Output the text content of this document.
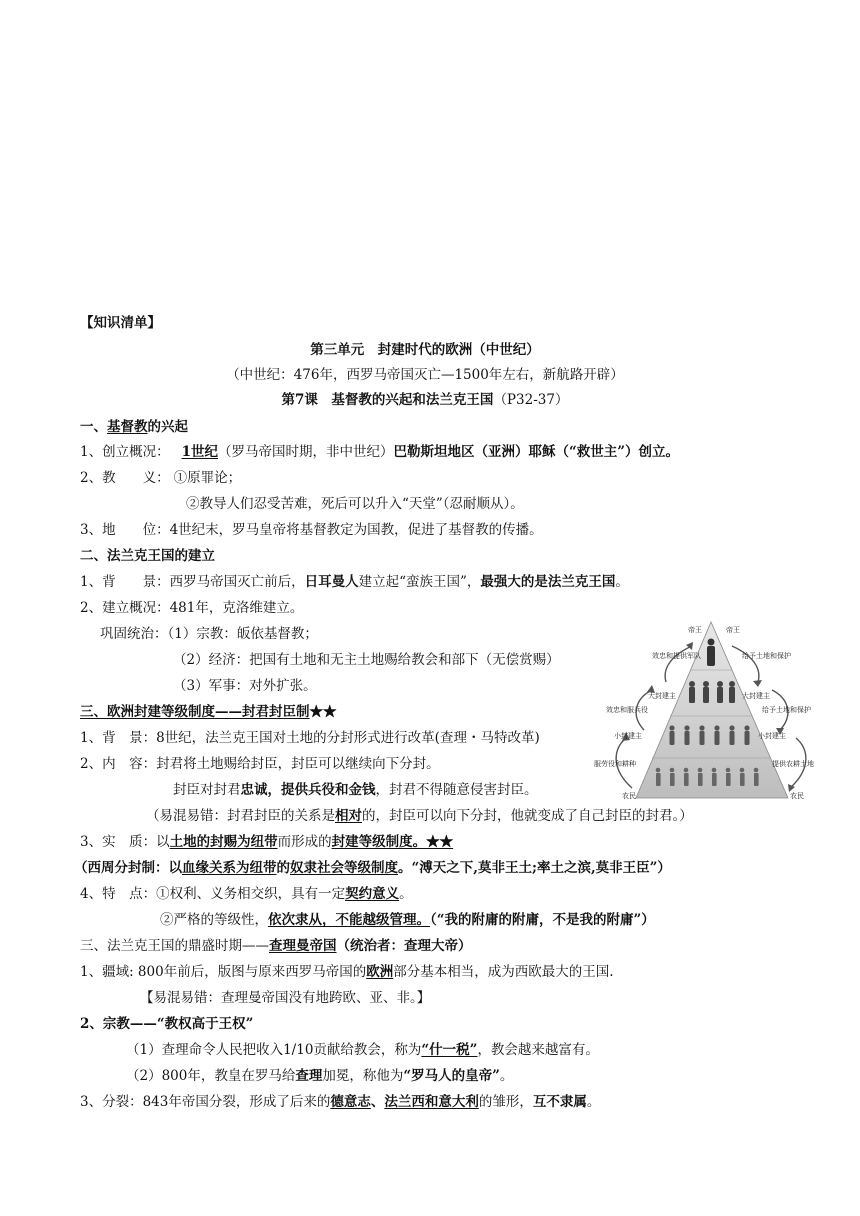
【知识清单】
第三单元　封建时代的欧洲（中世纪）
（中世纪：476年，西罗马帝国灭亡—1500年左右，新航路开辟）
第7课　基督教的兴起和法兰克王国（P32-37）
一、基督教的兴起
1、创立概况： 1世纪（罗马帝国时期，非中世纪）巴勒斯坦地区（亚洲）耶稣（“救世主”）创立。
2、教　　义： ①原罪论；
②教导人们忍受苦难，死后可以升入“天堂”（忍耐顺从）。
3、地　　位：4世纪末，罗马皇帝将基督教定为国教，促进了基督教的传播。
二、法兰克王国的建立
1、背　　景：西罗马帝国灭亡前后，日耳曼人建立起“蛮族王国”，最强大的是法兰克王国。
2、建立概况：481年，克洛维建立。
巩固统治：（1）宗教：皈依基督教；
（2）经济：把国有土地和无主土地赐给教会和部下（无偿赏赐）
（3）军事：对外扩张。
三、欧洲封建等级制度——封君封臣制★★
1、背　景：8世纪，法兰克王国对土地的分封形式进行改革(查理・马特改革)
2、内　容：封君将土地赐给封臣，封臣可以继续向下分封。
封臣对封君忠诚，提供兵役和金钱，封君不得随意侵害封臣。
（易混易错：封君封臣的关系是相对的，封臣可以向下分封，他就变成了自己封臣的封君。）
3、实　质：以土地的封赐为纽带而形成的封建等级制度。★★
（西周分封制：以血缘关系为纽带的奴隶社会等级制度。“溥天之下,莫非王土;率土之滨,莫非王臣”）
4、特　点：①权利、义务相交织，具有一定契约意义。
②严格的等级性，依次隶从，不能越级管理。（“我的附庸的附庸，不是我的附庸”）
三、法兰克王国的鼎盛时期——查理曼帝国（统治者：查理大帝）
1、疆域: 800年前后，版图与原来西罗马帝国的欧洲部分基本相当，成为西欧最大的王国.
【易混易错：查理曼帝国没有地跨欧、亚、非。】
2、宗教——“教权高于王权”
（1）查理命令人民把收入1/10贡献给教会，称为“什一税”，教会越来越富有。
（2）800年，教皇在罗马给查理加冕，称他为“罗马人的皇帝”。
3、分裂：843年帝国分裂，形成了后来的德意志、法兰西和意大利的雏形，互不隶属。
帝王	帝王
效忠和提供军队	给予土地和保护
大封建主	大封建主
效忠和服兵役	给予土地和保护
小封建主	小封建主
服劳役和耕种	提供农耕土地
农民	农民
